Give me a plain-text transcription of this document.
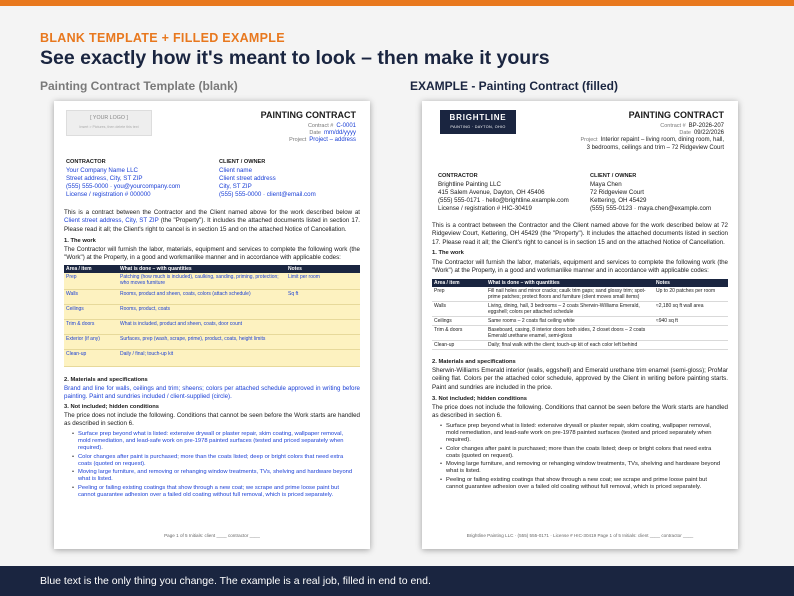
BLANK TEMPLATE + FILLED EXAMPLE
See exactly how it's meant to look – then make it yours
Painting Contract Template (blank)	EXAMPLE - Painting Contract (filled)
[ YOUR LOGO ]
Insert > Pictures, then delete this text
PAINTING CONTRACT
Contract # C-0001
Date mm/dd/yyyy
Project Project – address
CONTRACTOR
Your Company Name LLC
Street address, City, ST ZIP
(555) 555-0000 · you@yourcompany.com
License / registration # 000000
CLIENT / OWNER
Client name
Client street address
City, ST ZIP
(555) 555-0000 · client@email.com
This is a contract between the Contractor and the Client named above for the work described below at Client street address, City, ST ZIP (the "Property"). It includes the attached documents listed in section 17. Please read it all; the Client's right to cancel is in section 15 and on the attached Notice of Cancellation.
1. The work
The Contractor will furnish the labor, materials, equipment and services to complete the following work (the "Work") at the Property, in a good and workmanlike manner and in accordance with applicable codes:
Area / item	What is done – with quantities	Notes
Prep	Patching (how much is included), caulking, sanding, priming, protection; who moves furniture	Limit per room
Walls	Rooms, product and sheen, coats, colors (attach schedule)	Sq ft
Ceilings	Rooms, product, coats	
Trim & doors	What is included, product and sheen, coats, door count	
Exterior (if any)	Surfaces, prep (wash, scrape, prime), product, coats, height limits	
Clean-up	Daily / final; touch-up kit	
2. Materials and specifications
Brand and line for walls, ceilings and trim; sheens; colors per attached schedule approved in writing before painting. Paint and sundries included / client-supplied (circle).
3. Not included; hidden conditions
The price does not include the following. Conditions that cannot be seen before the Work starts are handled as described in section 6.
• Surface prep beyond what is listed: extensive drywall or plaster repair, skim coating, wallpaper removal, mold remediation, and lead-safe work on pre-1978 painted surfaces (tested and priced separately when required).
• Color changes after paint is purchased; more than the coats listed; deep or bright colors that need extra coats (quoted on request).
• Moving large furniture, and removing or rehanging window treatments, TVs, shelving and hardware beyond what is listed.
• Peeling or failing existing coatings that show through a new coat; we scrape and prime loose paint but cannot guarantee adhesion over a failed old coating without full removal, which is priced separately.
Page 1 of 5 Initials: client ____ contractor ____
BRIGHTLINE
PAINTING · DAYTON, OHIO
PAINTING CONTRACT
Contract # BP-2026-207
Date 09/22/2026
Project Interior repaint – living room, dining room, hall, 3 bedrooms, ceilings and trim – 72 Ridgeview Court
CONTRACTOR
Brightline Painting LLC
415 Salem Avenue, Dayton, OH 45406
(555) 555-0171 · hello@brightline.example.com
License / registration # HIC-30419
CLIENT / OWNER
Maya Chen
72 Ridgeview Court
Kettering, OH 45429
(555) 555-0123 · maya.chen@example.com
This is a contract between the Contractor and the Client named above for the work described below at 72 Ridgeview Court, Kettering, OH 45429 (the "Property"). It includes the attached documents listed in section 17. Please read it all; the Client's right to cancel is in section 15 and on the attached Notice of Cancellation.
1. The work
The Contractor will furnish the labor, materials, equipment and services to complete the following work (the "Work") at the Property, in a good and workmanlike manner and in accordance with applicable codes:
Area / item	What is done – with quantities	Notes
Prep	Fill nail holes and minor cracks; caulk trim gaps; sand glossy trim; spot-prime patches; protect floors and furniture (client moves small items)	Up to 20 patches per room
Walls	Living, dining, hall, 3 bedrooms – 2 coats Sherwin-Williams Emerald, eggshell; colors per attached schedule	≈2,180 sq ft wall area
Ceilings	Same rooms – 2 coats flat ceiling white	≈940 sq ft
Trim & doors	Baseboard, casing, 8 interior doors both sides, 2 closet doors – 2 coats Emerald urethane enamel, semi-gloss	
Clean-up	Daily; final walk with the client; touch-up kit of each color left behind	
2. Materials and specifications
Sherwin-Williams Emerald interior (walls, eggshell) and Emerald urethane trim enamel (semi-gloss); ProMar ceiling flat. Colors per the attached color schedule, approved by the Client in writing before painting starts. Paint and sundries are included in the price.
3. Not included; hidden conditions
The price does not include the following. Conditions that cannot be seen before the Work starts are handled as described in section 6.
• Surface prep beyond what is listed: extensive drywall or plaster repair, skim coating, wallpaper removal, mold remediation, and lead-safe work on pre-1978 painted surfaces (tested and priced separately when required).
• Color changes after paint is purchased; more than the coats listed; deep or bright colors that need extra coats (quoted on request).
• Moving large furniture, and removing or rehanging window treatments, TVs, shelving and hardware beyond what is listed.
• Peeling or failing existing coatings that show through a new coat; we scrape and prime loose paint but cannot guarantee adhesion over a failed old coating without full removal, which is priced separately.
Brightline Painting LLC · (555) 555-0171 · License # HIC-30419 Page 1 of 5 Initials: client ____ contractor ____
Blue text is the only thing you change. The example is a real job, filled in end to end.
